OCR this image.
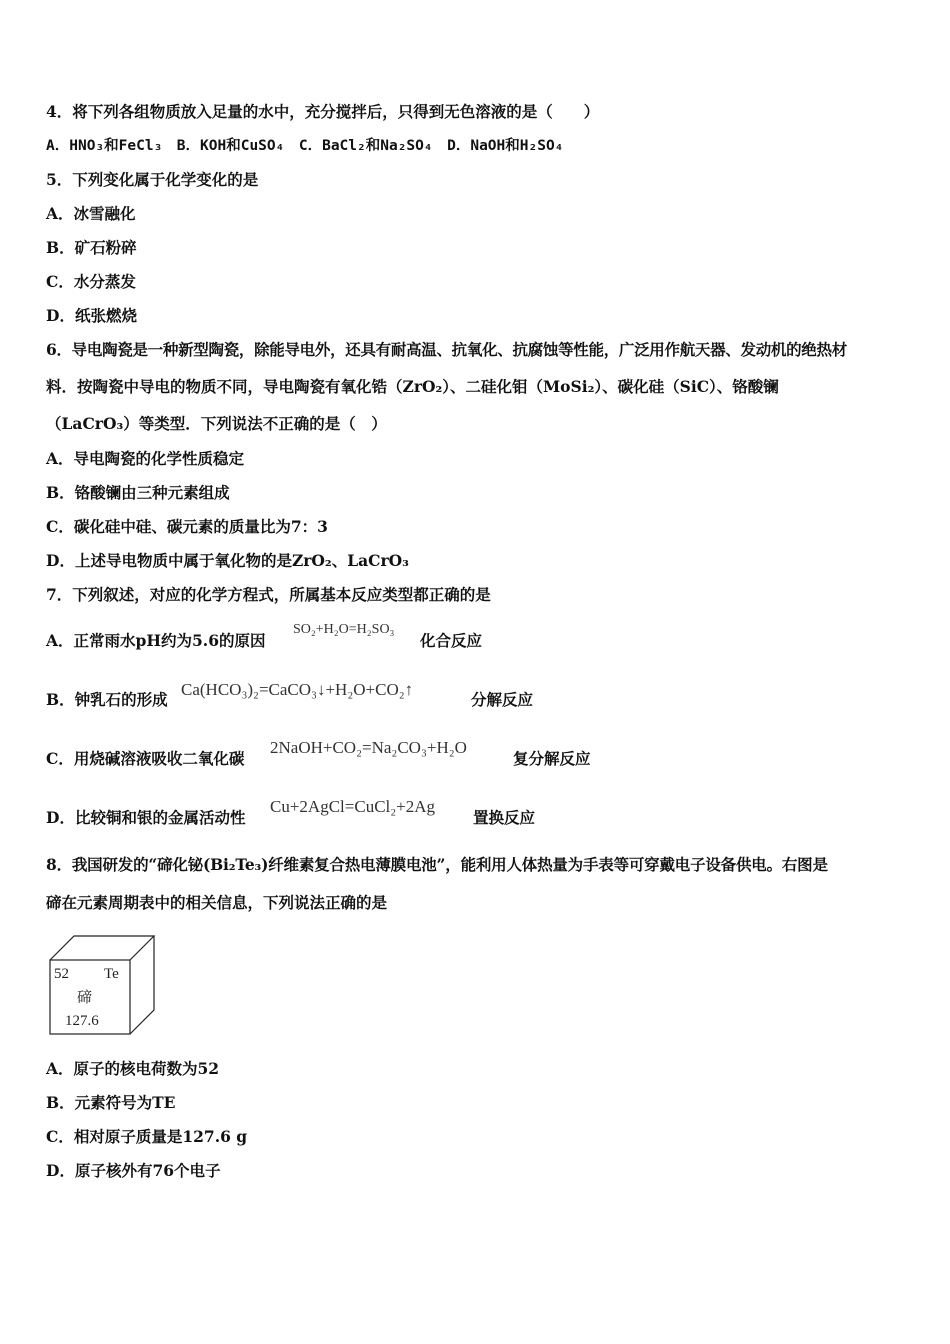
4．将下列各组物质放入足量的水中，充分搅拌后，只得到无色溶液的是（　　）
A．HNO₃和FeCl₃　B．KOH和CuSO₄　C．BaCl₂和Na₂SO₄　D．NaOH和H₂SO₄
5．下列变化属于化学变化的是
A．冰雪融化
B．矿石粉碎
C．水分蒸发
D．纸张燃烧
6．导电陶瓷是一种新型陶瓷，除能导电外，还具有耐高温、抗氧化、抗腐蚀等性能，广泛用作航天器、发动机的绝热材
料．按陶瓷中导电的物质不同，导电陶瓷有氧化锆（ZrO₂）、二硅化钼（MoSi₂）、碳化硅（SiC）、铬酸镧
（LaCrO₃）等类型．下列说法不正确的是（　）
A．导电陶瓷的化学性质稳定
B．铬酸镧由三种元素组成
C．碳化硅中硅、碳元素的质量比为7：3
D．上述导电物质中属于氧化物的是ZrO₂、LaCrO₃
7．下列叙述，对应的化学方程式，所属基本反应类型都正确的是
A．正常雨水pH约为5.6的原因
SO₂+H₂O=H₂SO₃
化合反应
B．钟乳石的形成
Ca(HCO₃)₂=CaCO₃↓+H₂O+CO₂↑
分解反应
C．用烧碱溶液吸收二氧化碳
2NaOH+CO₂=Na₂CO₃+H₂O
复分解反应
D．比较铜和银的金属活动性
Cu+2AgCl=CuCl₂+2Ag
置换反应
8．我国研发的“碲化铋(Bi₂Te₃)纤维素复合热电薄膜电池”，能利用人体热量为手表等可穿戴电子设备供电。右图是
碲在元素周期表中的相关信息，下列说法正确的是
52 Te
碲
127.6
A．原子的核电荷数为52
B．元素符号为TE
C．相对原子质量是127.6 g
D．原子核外有76个电子
